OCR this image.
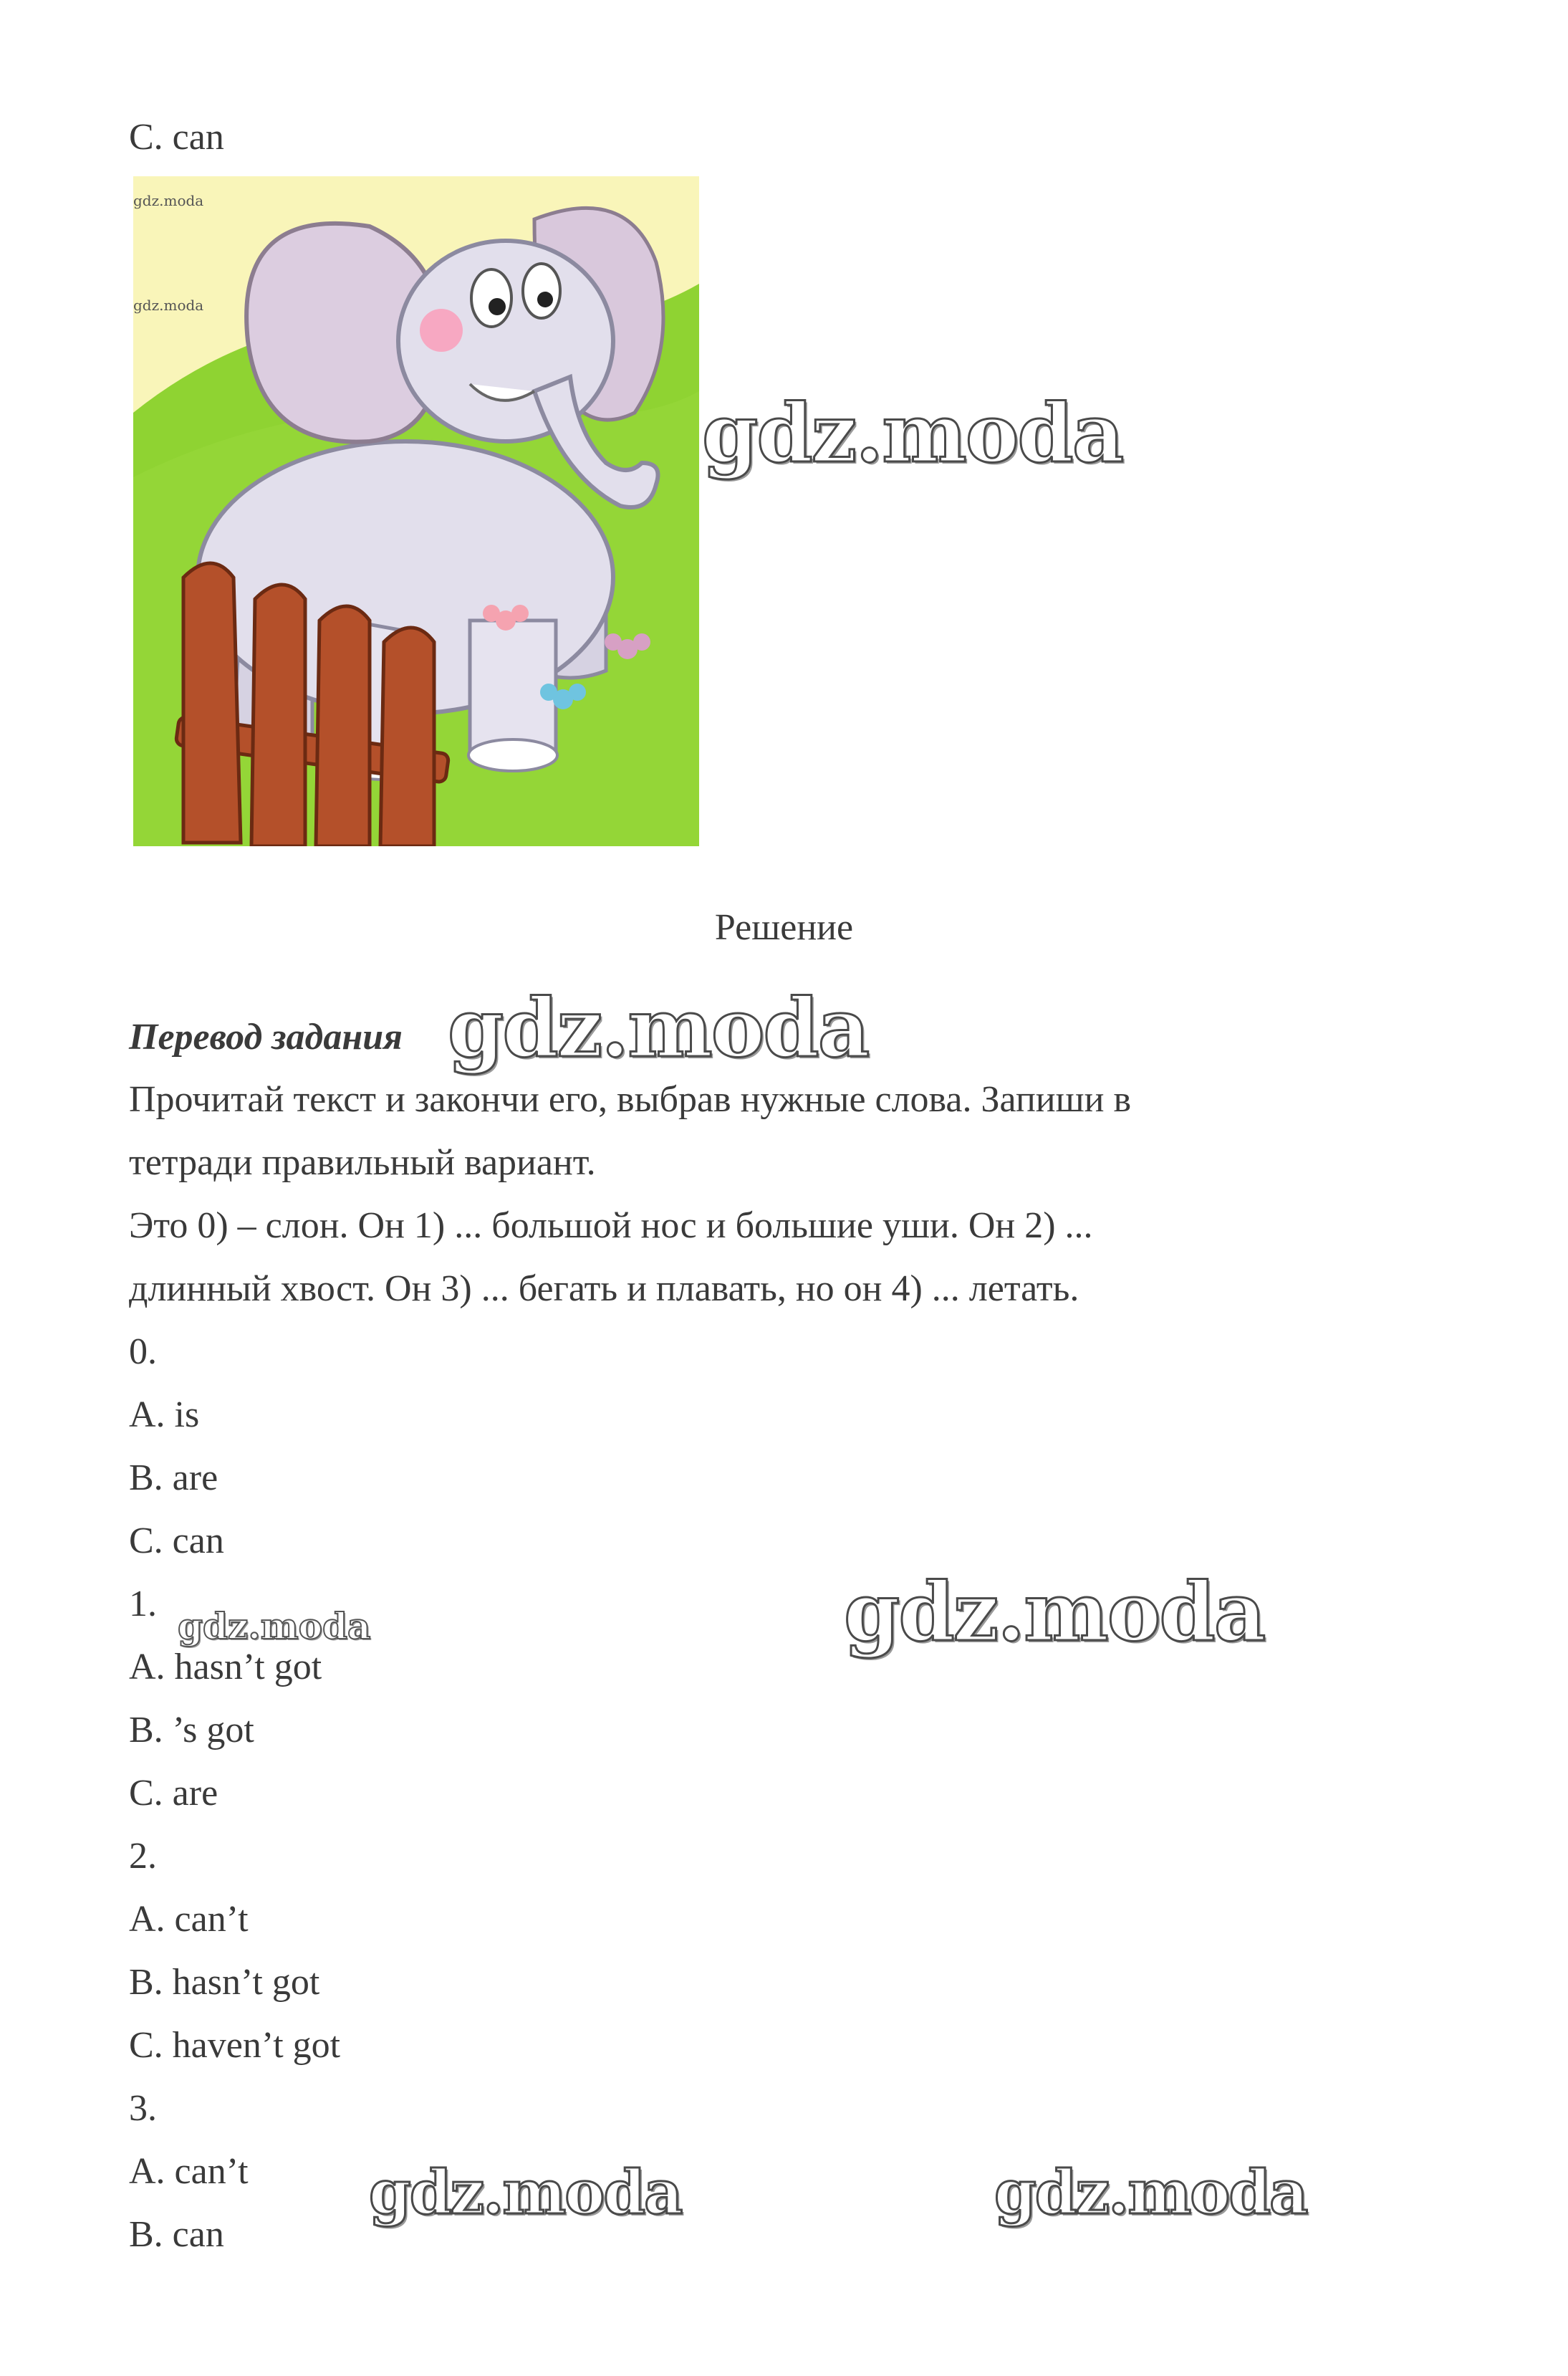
C. can
gdz.moda
gdz.moda
gdz.moda
Решение
Перевод задания gdz.moda
Прочитай текст и закончи его, выбрав нужные слова. Запиши в
тетради правильный вариант.
Это 0) – слон. Он 1) ... большой нос и большие уши. Он 2) ...
длинный хвост. Он 3) ... бегать и плавать, но он 4) ... летать.
0.
A. is
B. are
C. can
1.
gdz.moda	gdz.moda
A. hasn’t got
B. ’s got
C. are
2.
A. can’t
B. hasn’t got
C. haven’t got
3.
A. can’t
B. can
gdz.moda	gdz.moda
